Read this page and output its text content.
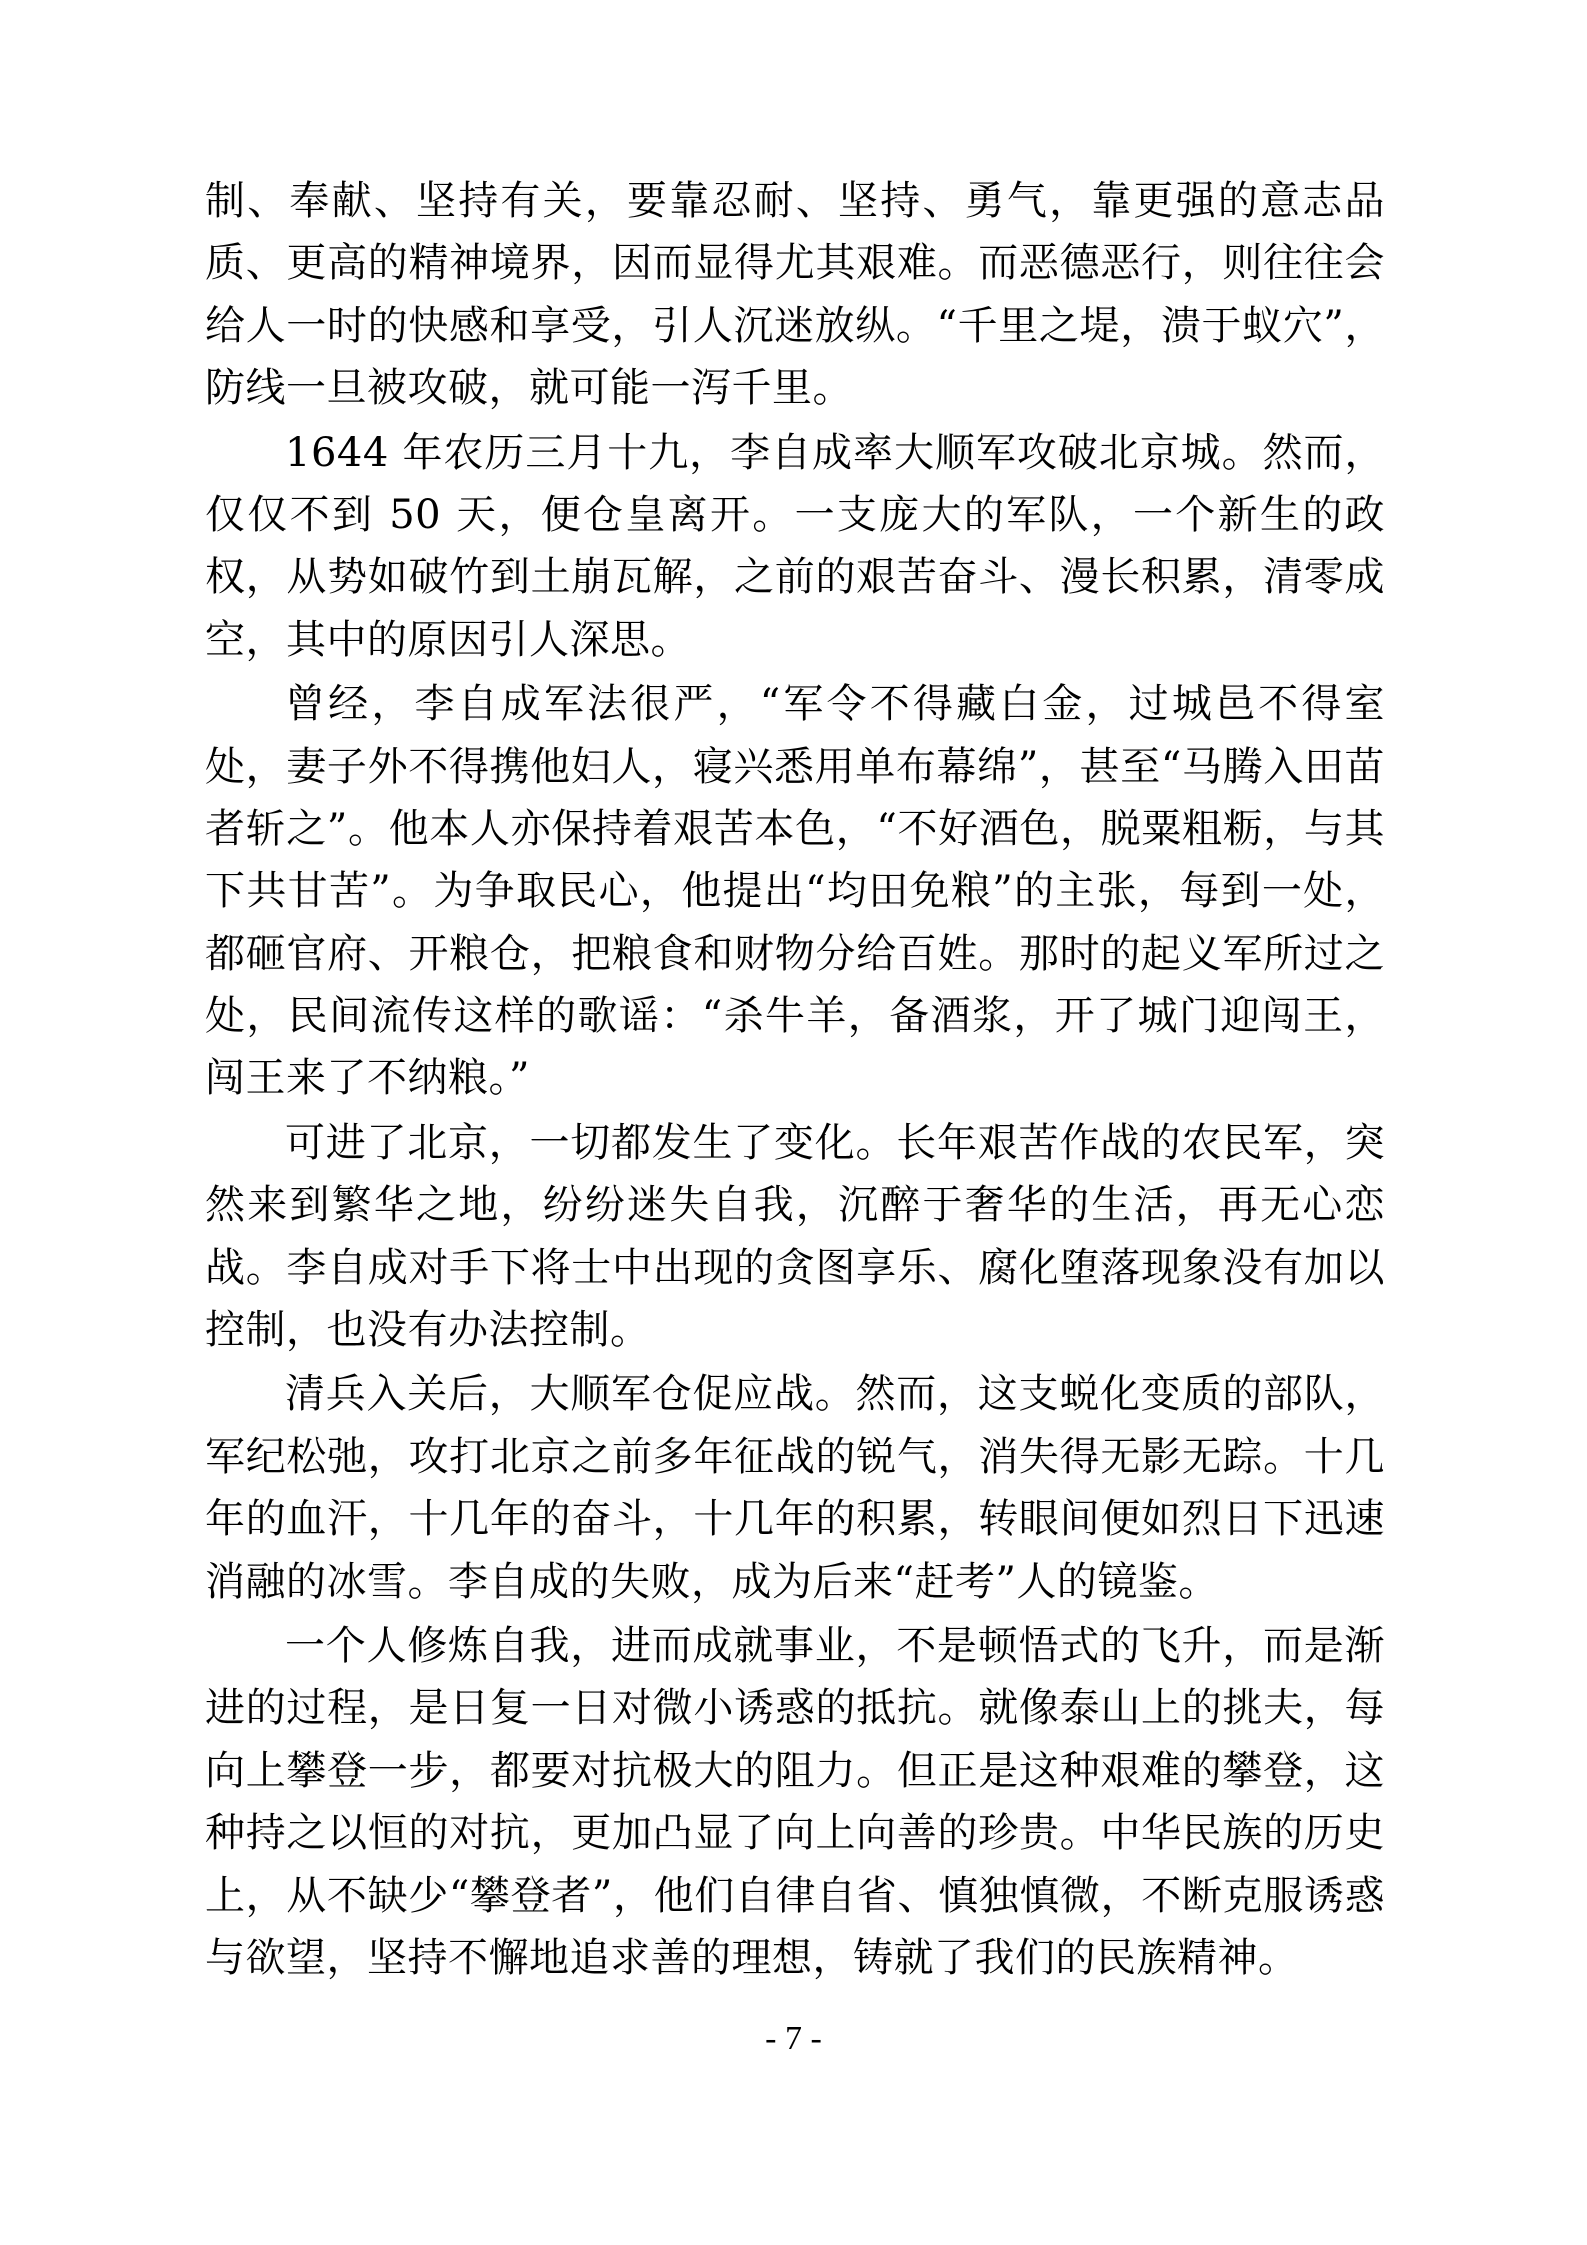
制、奉献、坚持有关，要靠忍耐、坚持、勇气，靠更强的意志品质、更高的精神境界，因而显得尤其艰难。而恶德恶行，则往往会给人一时的快感和享受，引人沉迷放纵。“千里之堤，溃于蚁穴”，防线一旦被攻破，就可能一泻千里。

1644 年农历三月十九，李自成率大顺军攻破北京城。然而，仅仅不到 50 天，便仓皇离开。一支庞大的军队，一个新生的政权，从势如破竹到土崩瓦解，之前的艰苦奋斗、漫长积累，清零成空，其中的原因引人深思。

曾经，李自成军法很严，“军令不得藏白金，过城邑不得室处，妻子外不得携他妇人，寝兴悉用单布幕绵”，甚至“马腾入田苗者斩之”。他本人亦保持着艰苦本色，“不好酒色，脱粟粗粝，与其下共甘苦”。为争取民心，他提出“均田免粮”的主张，每到一处，都砸官府、开粮仓，把粮食和财物分给百姓。那时的起义军所过之处，民间流传这样的歌谣：“杀牛羊，备酒浆，开了城门迎闯王，闯王来了不纳粮。”

可进了北京，一切都发生了变化。长年艰苦作战的农民军，突然来到繁华之地，纷纷迷失自我，沉醉于奢华的生活，再无心恋战。李自成对手下将士中出现的贪图享乐、腐化堕落现象没有加以控制，也没有办法控制。

清兵入关后，大顺军仓促应战。然而，这支蜕化变质的部队，军纪松弛，攻打北京之前多年征战的锐气，消失得无影无踪。十几年的血汗，十几年的奋斗，十几年的积累，转眼间便如烈日下迅速消融的冰雪。李自成的失败，成为后来“赶考”人的镜鉴。

一个人修炼自我，进而成就事业，不是顿悟式的飞升，而是渐进的过程，是日复一日对微小诱惑的抵抗。就像泰山上的挑夫，每向上攀登一步，都要对抗极大的阻力。但正是这种艰难的攀登，这种持之以恒的对抗，更加凸显了向上向善的珍贵。中华民族的历史上，从不缺少“攀登者”，他们自律自省、慎独慎微，不断克服诱惑与欲望，坚持不懈地追求善的理想，铸就了我们的民族精神。

- 7 -
